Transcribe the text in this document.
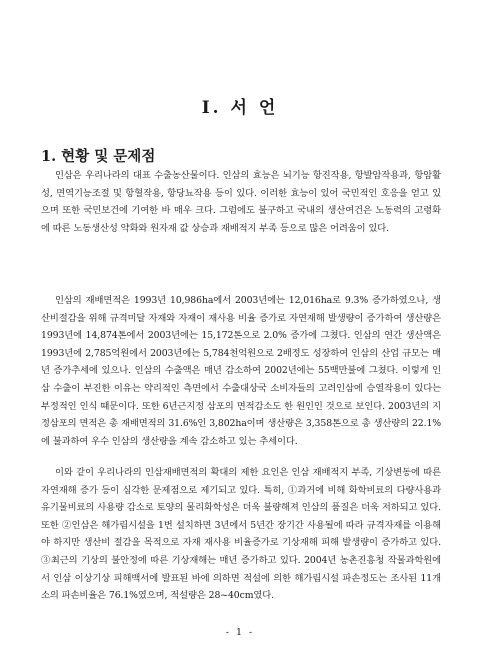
Ⅰ. 서 언
1. 현황 및 문제점

인삼은 우리나라의 대표 수출농산물이다. 인삼의 효능은 뇌기능 항진작용, 항발암작용과, 항암활성, 면역기능조절 및 항혈작용, 항당뇨작용 등이 있다. 이러한 효능이 있어 국민적인 호응을 얻고 있으며 또한 국민보건에 기여한 바 매우 크다. 그럼에도 불구하고 국내의 생산여건은 노동력의 고령화에 따른 노동생산성 약화와 원자재 값 상승과 재배적지 부족 등으로 많은 어려움이 있다.

인삼의 재배면적은 1993년 10,986ha에서 2003년에는 12,016ha로 9.3% 증가하였으나, 생산비절감을 위해 규격미달 자재와 자재이 재사용 비율 증가로 자연재해 발생량이 증가하여 생산량은 1993년에 14,874톤에서 2003년에는 15,172톤으로 2.0% 증가에 그쳤다. 인삼의 연간 생산액은 1993년에 2,785억원에서 2003년에는 5,784천억원으로 2배정도 성장하여 인삼의 산업 규모는 매년 증가추세에 있으나. 인삼의 수출액은 매년 감소하여 2002년에는 55백만불에 그쳤다. 이렇게 인삼 수출이 부진한 이유는 약리적인 측면에서 수출대상국 소비자들의 고려인삼에 승열작용이 있다는 부정적인 인식 때문이다. 또한 6년근지정 삼포의 면적감소도 한 원인인 것으로 보인다. 2003년의 지정삼포의 면적은 총 재배면적의 31.6%인 3,802ha이며 생산량은 3,358톤으로 총 생산량의 22.1%에 불과하여 우수 인삼의 생산량을 계속 감소하고 있는 추세이다.

이와 같이 우리나라의 인삼재배면적의 확대의 제한 요인은 인삼 재배적지 부족, 기상변동에 따른 자연재해 증가 등이 심각한 문제점으로 제기되고 있다. 특히, ①과거에 비해 화학비료의 다량사용과 유기물비료의 사용량 감소로 토양의 물리화학성은 더욱 불량해져 인삼의 품질은 더욱 저하되고 있다. 또한 ②인삼은 해가림시설을 1번 설치하면 3년에서 5년간 장기간 사용될에 따라 규격자재를 이용해야 하지만 생산비 절감을 목적으로 자재 재사용 비율증가로 기상재해 피해 발생량이 증가하고 있다. ③최근의 기상의 불안정에 따른 기상재해는 매년 증가하고 있다. 2004년 농촌진흥청 작물과학원에서 인삼 이상기상 피해백서에 발표된 바에 의하면 적설에 의한 해가림시설 파손정도는 조사된 11개소의 파손비율은 76.1%였으며, 적설량은 28~40cm였다.

- 1 -
